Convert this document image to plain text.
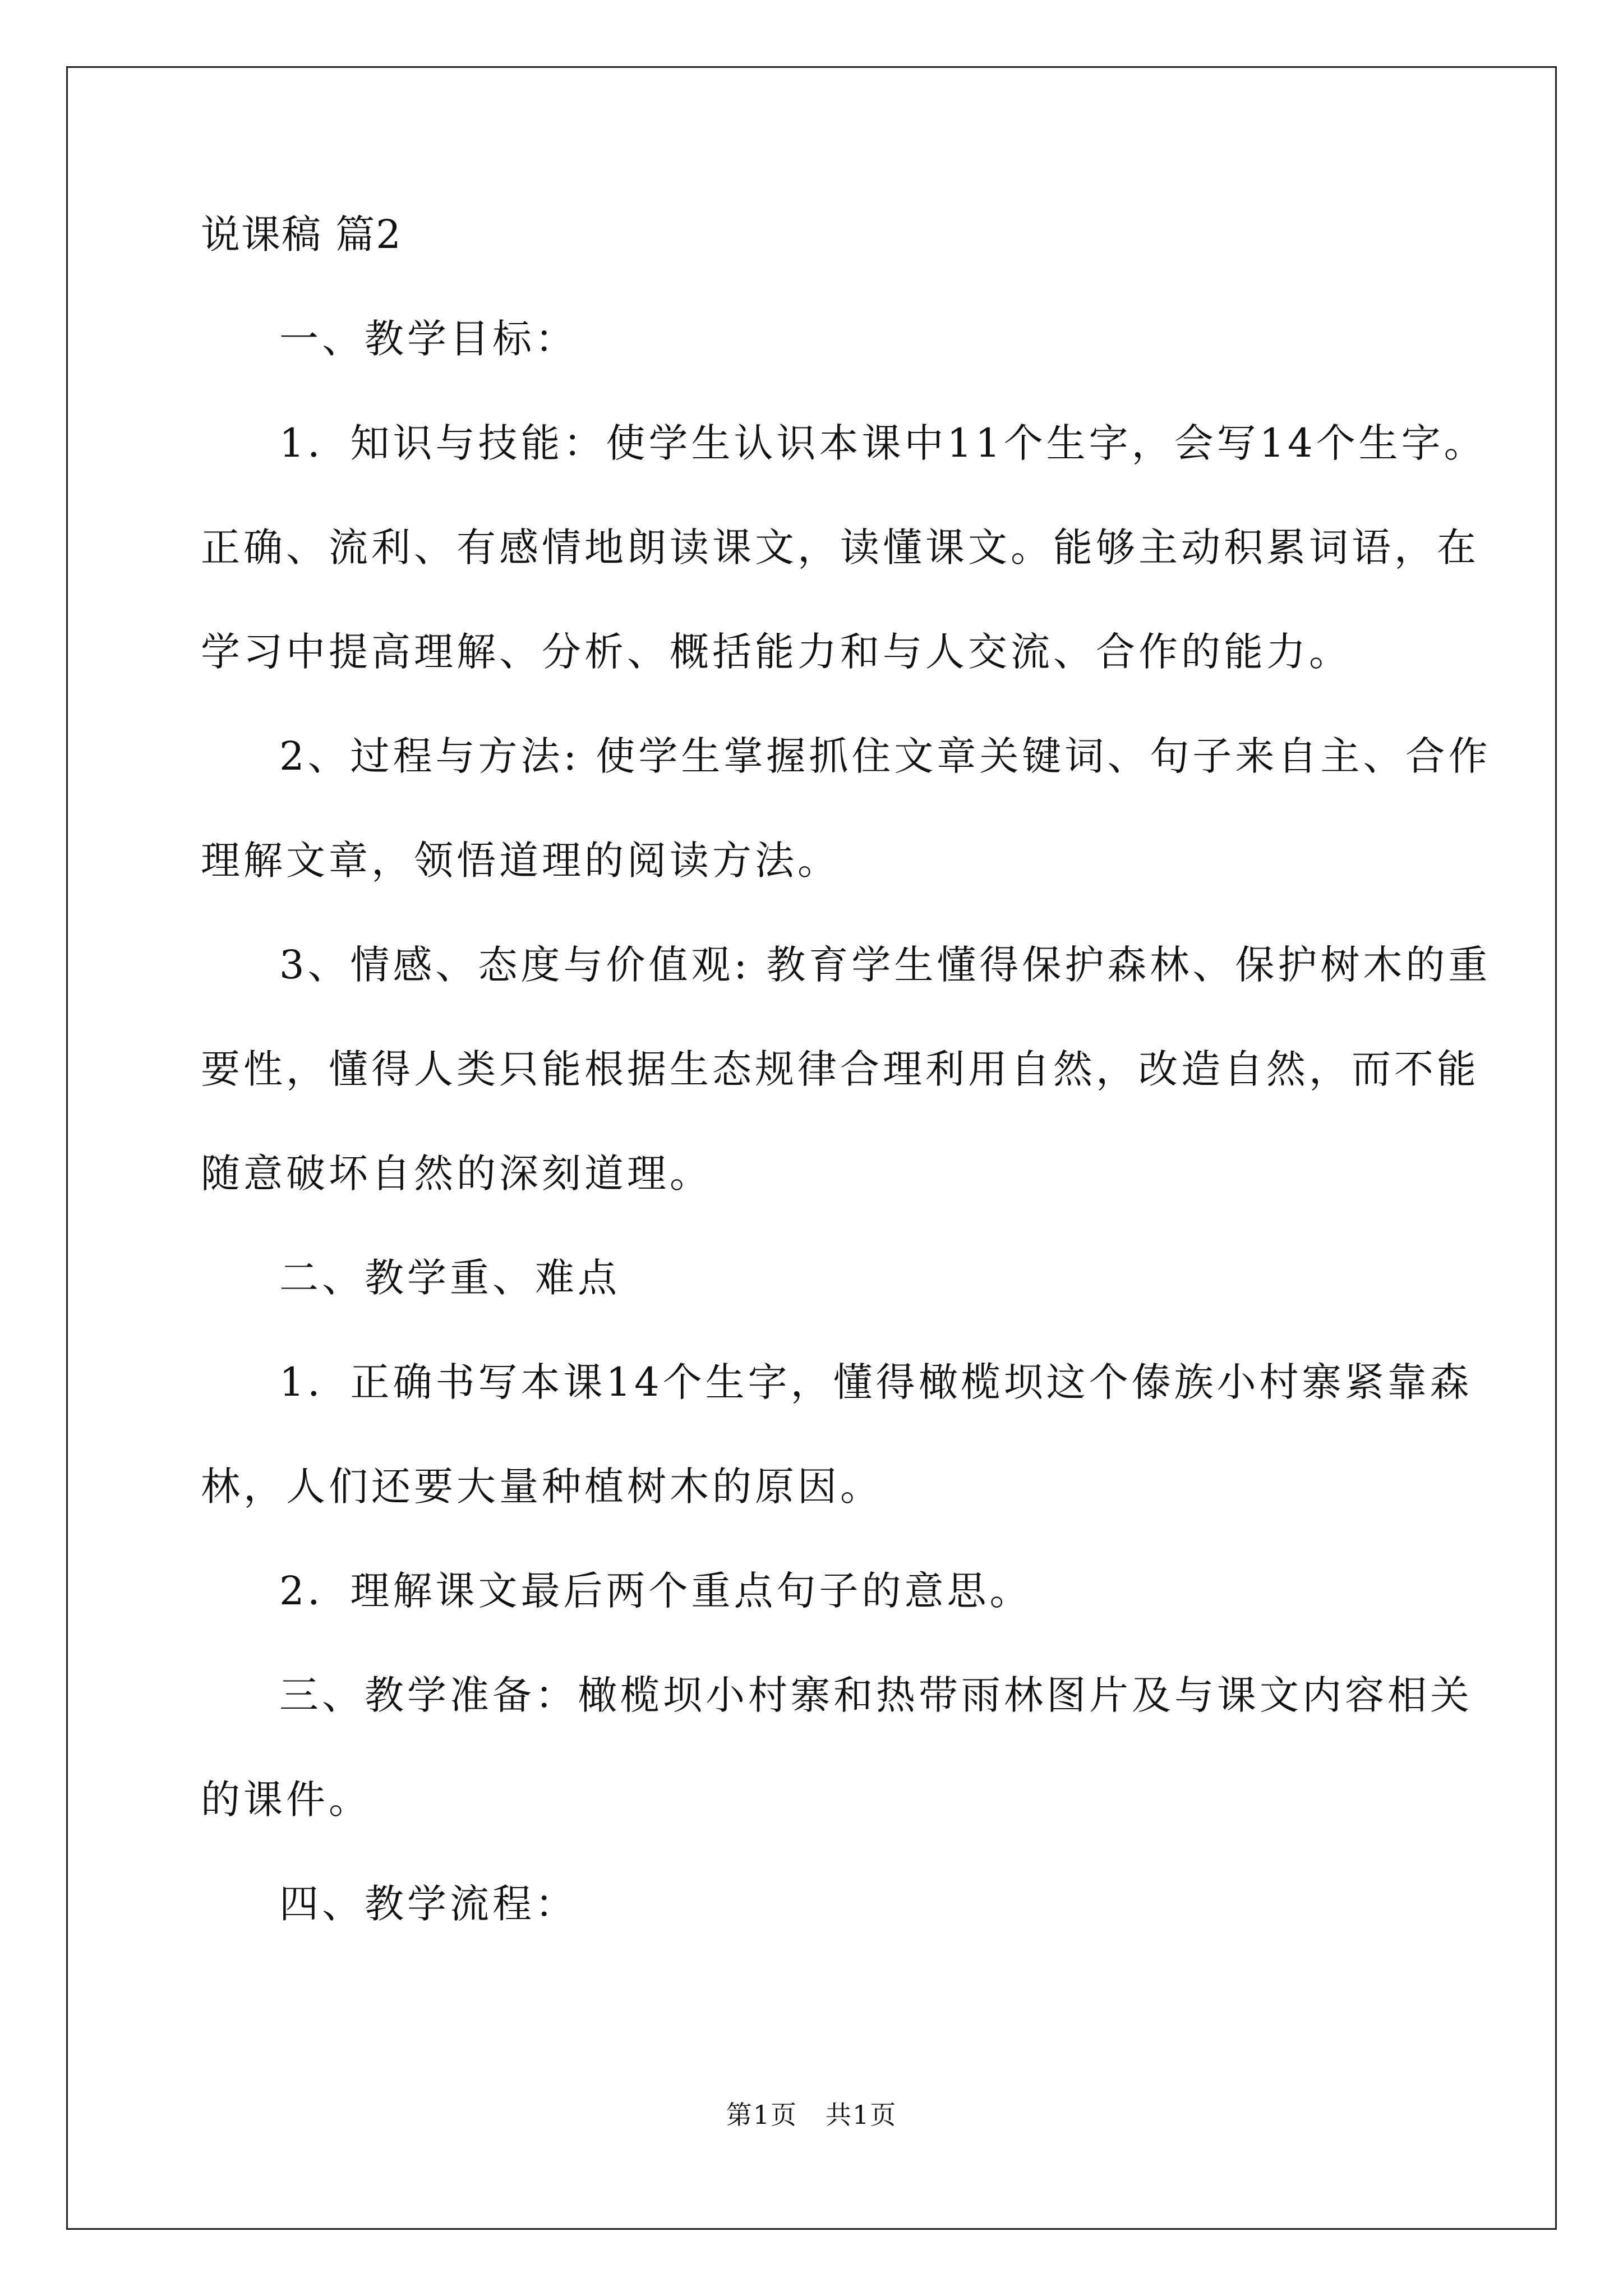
说课稿 篇2

一、教学目标：

1．知识与技能：使学生认识本课中11个生字，会写14个生字。
正确、流利、有感情地朗读课文，读懂课文。能够主动积累词语，在
学习中提高理解、分析、概括能力和与人交流、合作的能力。

2、过程与方法: 使学生掌握抓住文章关键词、句子来自主、合作
理解文章，领悟道理的阅读方法。

3、情感、态度与价值观: 教育学生懂得保护森林、保护树木的重
要性，懂得人类只能根据生态规律合理利用自然，改造自然，而不能
随意破坏自然的深刻道理。

二、教学重、难点

1．正确书写本课14个生字，懂得橄榄坝这个傣族小村寨紧靠森
林，人们还要大量种植树木的原因。

2．理解课文最后两个重点句子的意思。

三、教学准备：橄榄坝小村寨和热带雨林图片及与课文内容相关
的课件。

四、教学流程：

第1页 共1页
